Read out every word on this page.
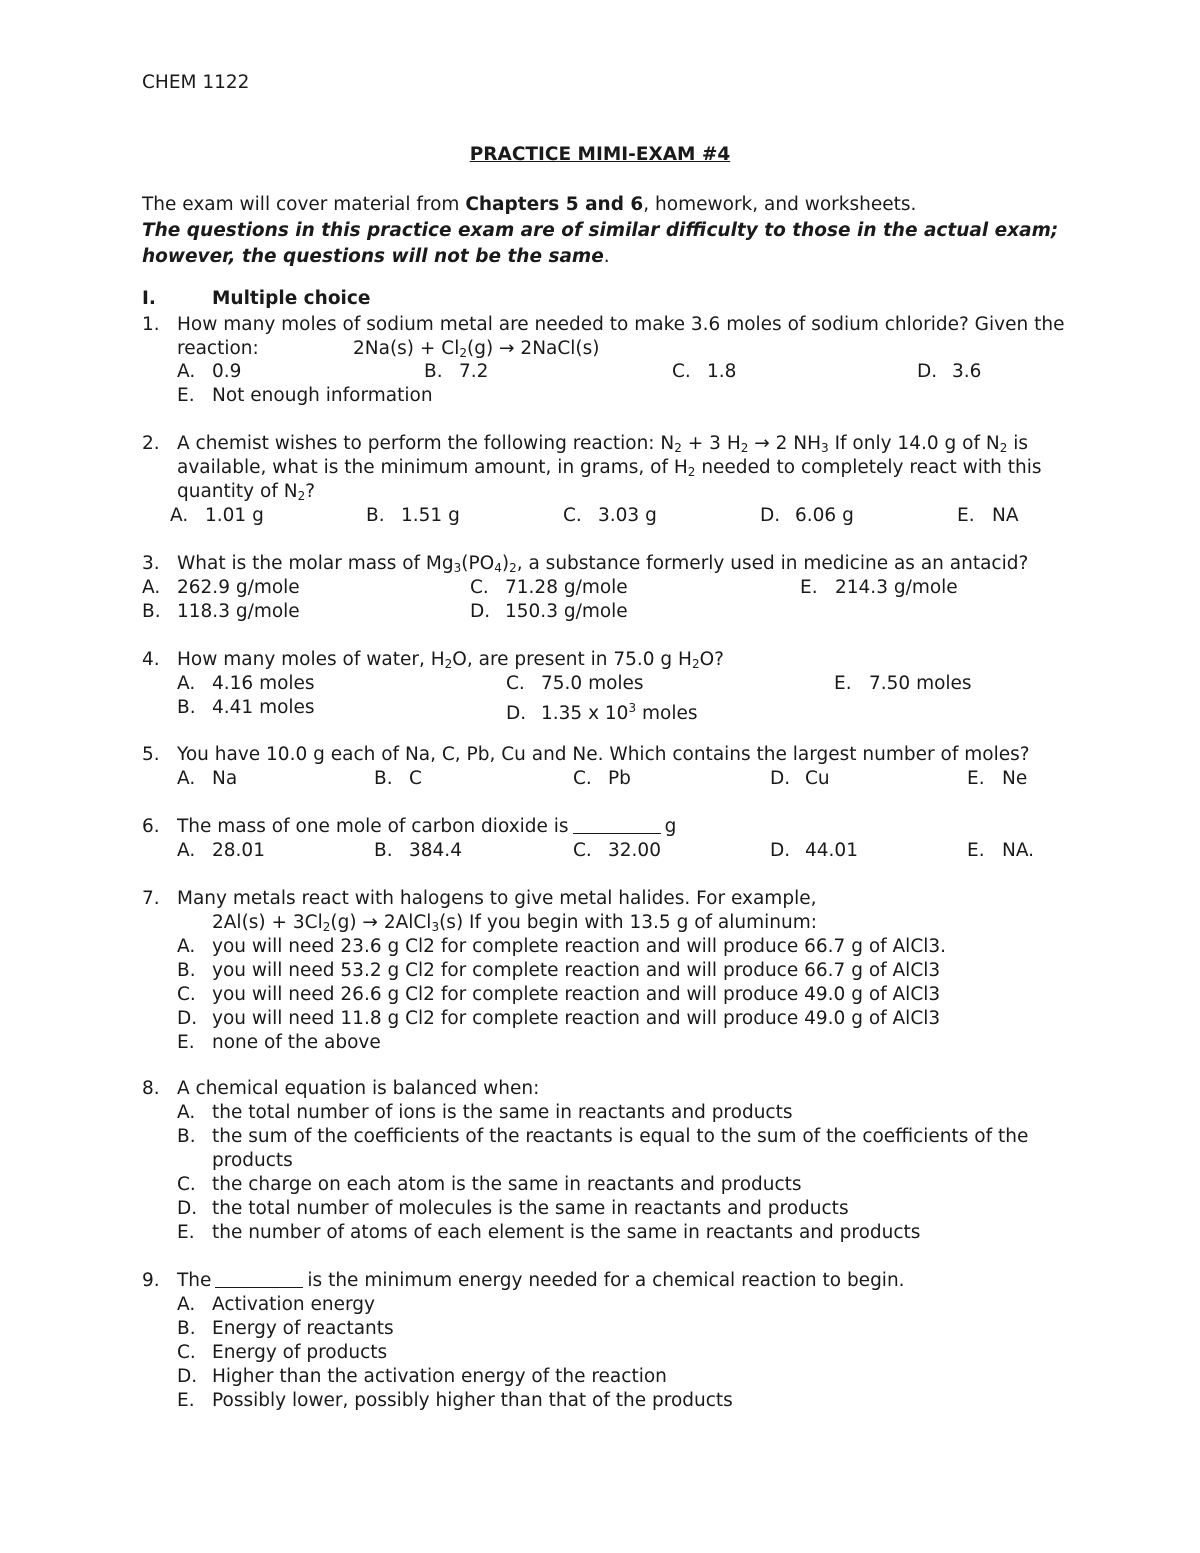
CHEM 1122
PRACTICE MIMI-EXAM #4
The exam will cover material from Chapters 5 and 6, homework, and worksheets.
The questions in this practice exam are of similar difficulty to those in the actual exam;
however, the questions will not be the same.
I.	Multiple choice
1. How many moles of sodium metal are needed to make 3.6 moles of sodium chloride? Given the
reaction:	$2Na(s) + Cl_2(g)$ → 2NaCl(s)
A. 0.9	B. 7.2	C. 1.8	D. 3.6
E. Not enough information
2. A chemist wishes to perform the following reaction: $N_2 + 3$ $H_2 \to 2$ $NH_3$ If only 14.0 g of $N_2$ is
available, what is the minimum amount, in grams, of $H_2$ needed to completely react with this
quantity of $N_2$?
A. 1.01 g	B. 1.51 g	C. 3.03 g	D. 6.06 g	E. NA
3. What is the molar mass of $Mg_3(PO_4)_2$, a substance formerly used in medicine as an antacid?
A. 262.9 g/mole	C. 71.28 g/mole	E. 214.3 g/mole
B. 118.3 g/mole	D. 150.3 g/mole
4. How many moles of water, $H_2O$, are present in 75.0 g $H_2O$?
A. 4.16 moles	C. 75.0 moles	E. 7.50 moles
B. 4.41 moles	D. 1.35 x $10^3$ moles
5. You have 10.0 g each of Na, C, Pb, Cu and Ne. Which contains the largest number of moles?
A. Na	B. C	C. Pb	D. Cu	E. Ne
6. The mass of one mole of carbon dioxide is	g
A. 28.01	B. 384.4	C. 32.00	D. 44.01	E. NA.
7. Many metals react with halogens to give metal halides. For example,
$2Al(s) + 3Cl_2(g)$ → 2AlCl$_3$(s) If you begin with 13.5 g of aluminum:
A. you will need 23.6 g Cl2 for complete reaction and will produce 66.7 g of AlCl3.
B. you will need 53.2 g Cl2 for complete reaction and will produce 66.7 g of AlCl3
C. you will need 26.6 g Cl2 for complete reaction and will produce 49.0 g of AlCl3
D. you will need 11.8 g Cl2 for complete reaction and will produce 49.0 g of AlCl3
E. none of the above
8. A chemical equation is balanced when:
A. the total number of ions is the same in reactants and products
B. the sum of the coefficients of the reactants is equal to the sum of the coefficients of the
products
C. the charge on each atom is the same in reactants and products
D. the total number of molecules is the same in reactants and products
E. the number of atoms of each element is the same in reactants and products
9. The	is the minimum energy needed for a chemical reaction to begin.
A. Activation energy
B. Energy of reactants
C. Energy of products
D. Higher than the activation energy of the reaction
E. Possibly lower, possibly higher than that of the products
